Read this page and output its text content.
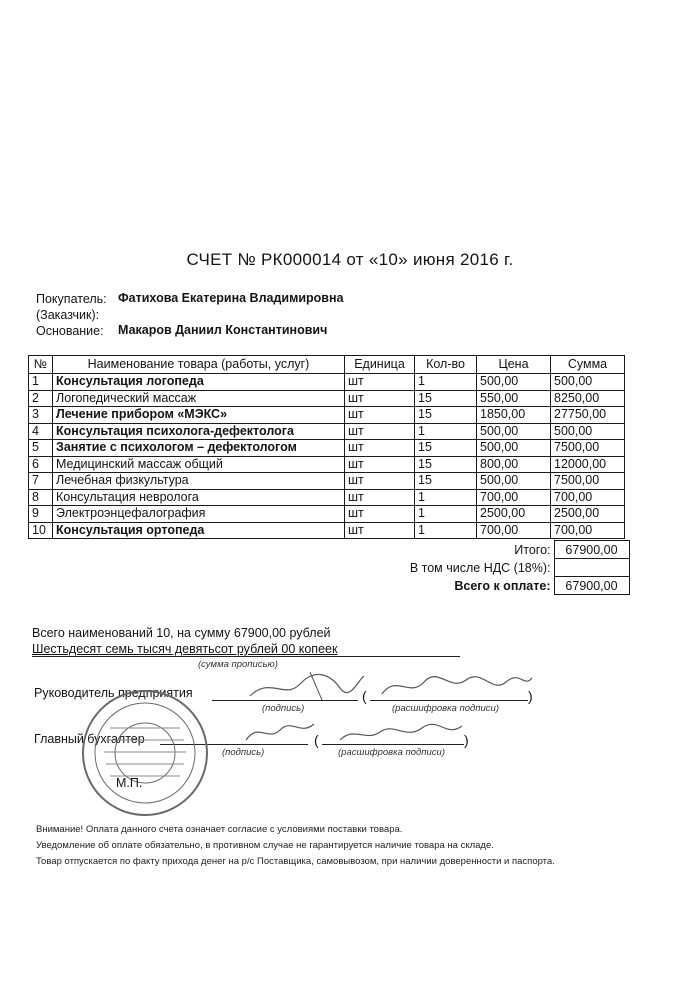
СЧЕТ № РК000014 от «10» июня 2016 г.
Покупатель: Фатихова Екатерина Владимировна
(Заказчик):
Основание: Макаров Даниил Константинович
№	Наименование товара (работы, услуг)	Единица	Кол-во	Цена	Сумма
1	Консультация логопеда	шт	1	500,00	500,00
2	Логопедический массаж	шт	15	550,00	8250,00
3	Лечение прибором «МЭКС»	шт	15	1850,00	27750,00
4	Консультация психолога-дефектолога	шт	1	500,00	500,00
5	Занятие с психологом – дефектологом	шт	15	500,00	7500,00
6	Медицинский массаж общий	шт	15	800,00	12000,00
7	Лечебная физкультура	шт	15	500,00	7500,00
8	Консультация невролога	шт	1	700,00	700,00
9	Электроэнцефалография	шт	1	2500,00	2500,00
10	Консультация ортопеда	шт	1	700,00	700,00
Итого:	67900,00
В том числе НДС (18%):	
Всего к оплате:	67900,00
Всего наименований 10, на сумму 67900,00 рублей
Шестьдесят семь тысяч девятьсот рублей 00 копеек
(сумма прописью)
Руководитель предприятия	(	)
(подпись)	(расшифровка подписи)
Главный бухгалтер	(	)
(подпись)	(расшифровка подписи)
М.П.
Внимание! Оплата данного счета означает согласие с условиями поставки товара.
Уведомление об оплате обязательно, в противном случае не гарантируется наличие товара на складе.
Товар отпускается по факту прихода денег на р/с Поставщика, самовывозом, при наличии доверенности и паспорта.
